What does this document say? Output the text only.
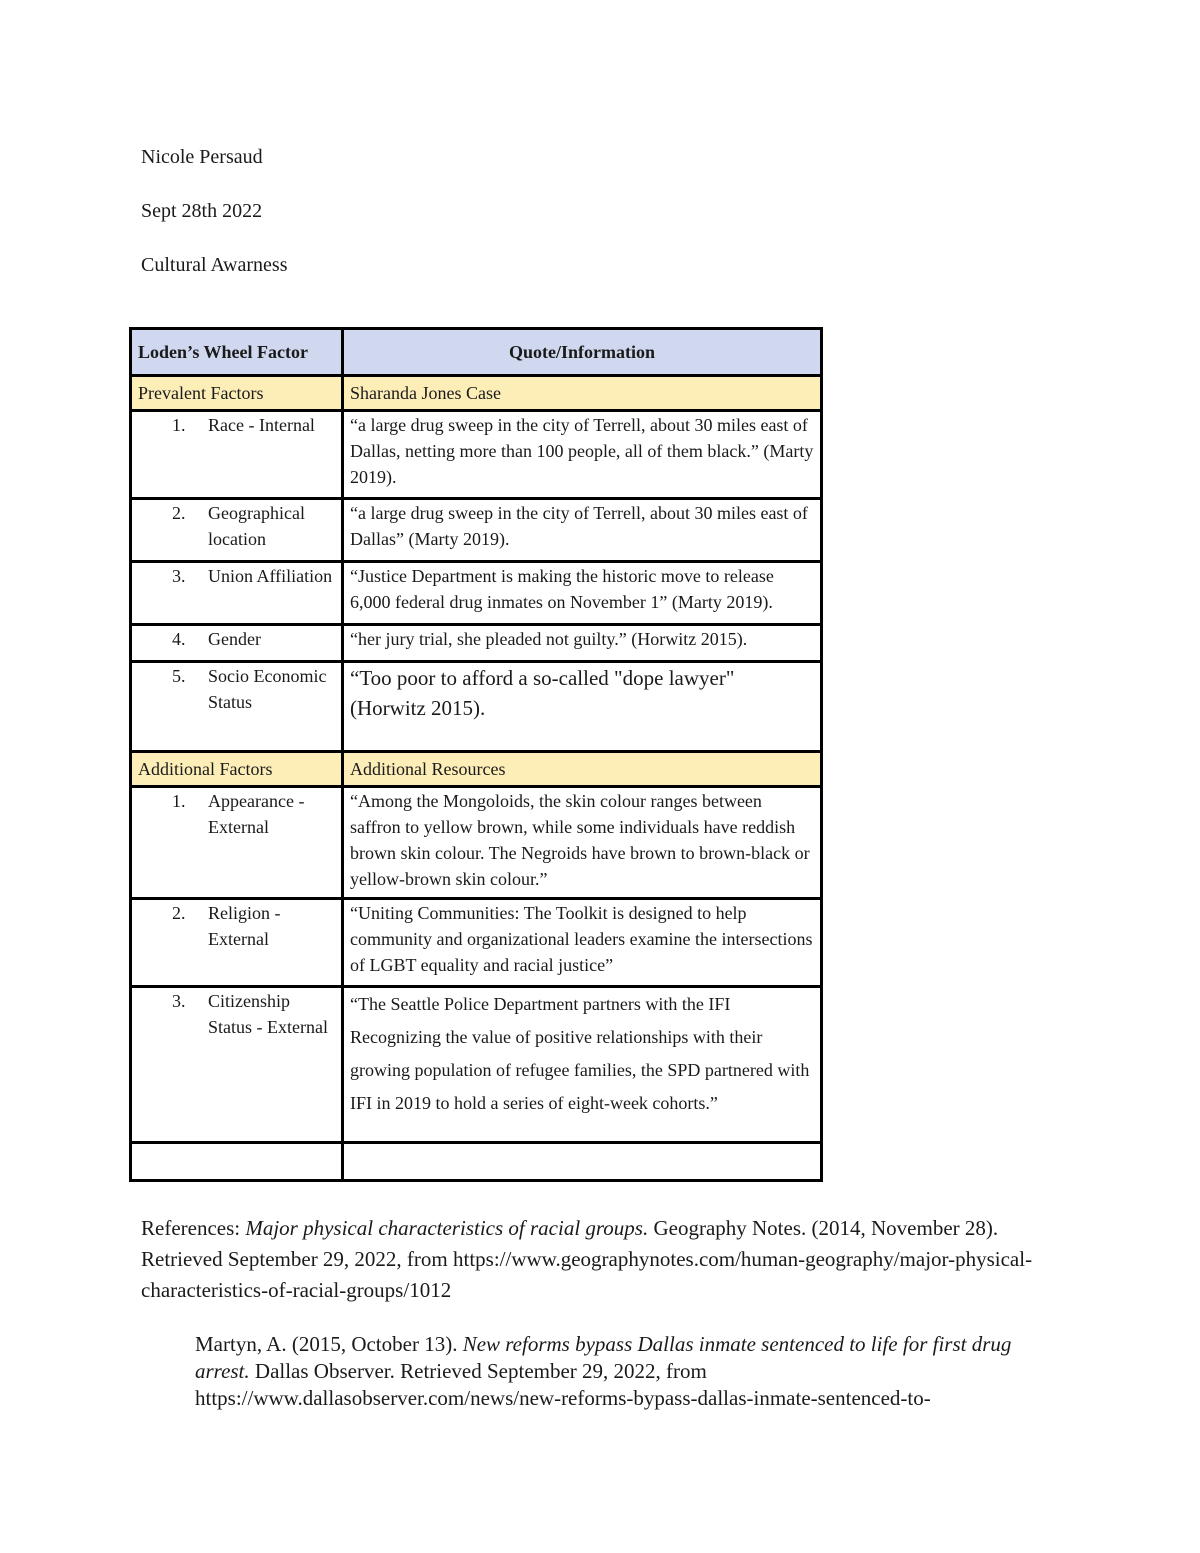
Nicole Persaud
Sept 28th 2022
Cultural Awarness
Loden’s Wheel Factor	Quote/Information
Prevalent Factors	Sharanda Jones Case

1. Race - Internal	“a large drug sweep in the city of Terrell, about 30 miles east of Dallas, netting more than 100 people, all of them black.” (Marty 2019).

2. Geographical location	“a large drug sweep in the city of Terrell, about 30 miles east of Dallas” (Marty 2019).

3. Union Affiliation	“Justice Department is making the historic move to release 6,000 federal drug inmates on November 1” (Marty 2019).

4. Gender	“her jury trial, she pleaded not guilty.” (Horwitz 2015).

5. Socio Economic Status	“Too poor to afford a so-called "dope lawyer" (Horwitz 2015).
Additional Factors	Additional Resources

1. Appearance - External	“Among the Mongoloids, the skin colour ranges between saffron to yellow brown, while some individuals have reddish brown skin colour. The Negroids have brown to brown-black or yellow-brown skin colour.”

2. Religion - External	“Uniting Communities: The Toolkit is designed to help community and organizational leaders examine the intersections of LGBT equality and racial justice”

3. Citizenship Status - External	“The Seattle Police Department partners with the IFI Recognizing the value of positive relationships with their growing population of refugee families, the SPD partnered with IFI in 2019 to hold a series of eight-week cohorts.”

References: Major physical characteristics of racial groups. Geography Notes. (2014, November 28). Retrieved September 29, 2022, from https://www.geographynotes.com/human-geography/major-physical-characteristics-of-racial-groups/1012
Martyn, A. (2015, October 13). New reforms bypass Dallas inmate sentenced to life for first drug arrest. Dallas Observer. Retrieved September 29, 2022, from https://www.dallasobserver.com/news/new-reforms-bypass-dallas-inmate-sentenced-to-
